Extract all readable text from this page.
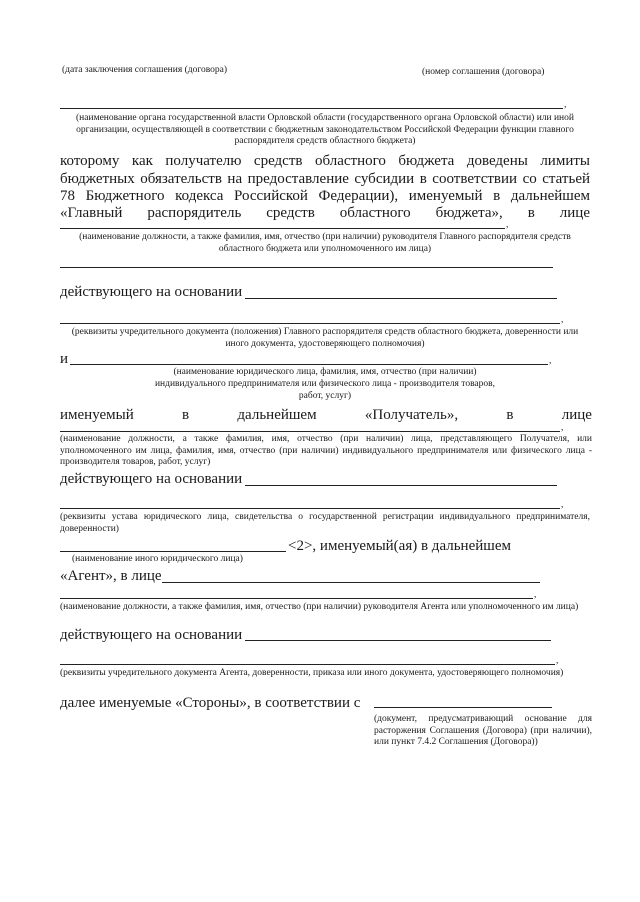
(дата заключения соглашения (договора)	(номер соглашения (договора)
,
(наименование органа государственной власти Орловской области (государственного органа Орловской области) или иной организации, осуществляющей в соответствии с бюджетным законодательством Российской Федерации функции главного распорядителя средств областного бюджета)
которому как получателю средств областного бюджета доведены лимиты
бюджетных обязательств на предоставление субсидии в соответствии со статьей
78 Бюджетного кодекса Российской Федерации), именуемый в дальнейшем
«Главный распорядитель средств областного бюджета», в лице
,
(наименование должности, а также фамилия, имя, отчество (при наличии) руководителя Главного распорядителя средств областного бюджета или уполномоченного им лица)
действующего на основании
,
(реквизиты учредительного документа (положения) Главного распорядителя средств областного бюджета, доверенности или иного документа, удостоверяющего полномочия)
и	,
(наименование юридического лица, фамилия, имя, отчество (при наличии)
индивидуального предпринимателя или физического лица - производителя товаров,
работ, услуг)
именуемый	в	дальнейшем	«Получатель»,	в	лице
,
(наименование должности, а также фамилия, имя, отчество (при наличии) лица, представляющего Получателя, или уполномоченного им лица, фамилия, имя, отчество (при наличии) индивидуального предпринимателя или физического лица - производителя товаров, работ, услуг)
действующего на основании
,
(реквизиты устава юридического лица, свидетельства о государственной регистрации индивидуального предпринимателя, доверенности)
<2>, именуемый(ая) в дальнейшем
(наименование иного юридического лица)
«Агент», в лице
,
(наименование должности, а также фамилия, имя, отчество (при наличии) руководителя Агента или уполномоченного им лица)
действующего на основании
,
(реквизиты учредительного документа Агента, доверенности, приказа или иного документа, удостоверяющего полномочия)
далее именуемые «Стороны», в соответствии с
(документ, предусматривающий основание для расторжения Соглашения (Договора) (при наличии), или пункт 7.4.2 Соглашения (Договора))
